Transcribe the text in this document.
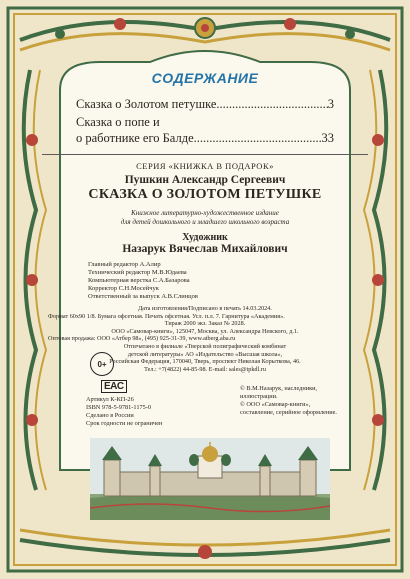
СОДЕРЖАНИЕ
Сказка о Золотом петушке .....	3
Сказка о попе и
о работнике его Балде .....	33
СЕРИЯ «КНИЖКА В ПОДАРОК»
Пушкин Александр Сергеевич
СКАЗКА О ЗОЛОТОМ ПЕТУШКЕ
Книжное литературно-художественное издание
для детей дошкольного и младшего школьного возраста
Художник
Назарук Вячеслав Михайлович
Главный редактор А.Алир
Технический редактор М.В.Юдаева
Компьютерная верстка С.А.Базарова
Корректор С.Н.Мосейчук
Ответственный за выпуск А.В.Слинцов
Дата изготовления/Подписано в печать 14.03.2024.
Формат 60x90 1/8. Бумага офсетная. Печать офсетная. Усл. п.л. 7. Гарнитура «Академия».
Тираж 2000 экз. Заказ № 2028.
ООО «Самовар-книги», 125047, Москва, ул. Александра Невского, д.1.
Оптовая продажа: ООО «Атбер 98», (495) 925-31-39, www.atberg.aba.ru
Отпечатано в филиале «Тверской полиграфический комбинат
детской литературы» АО «Издательство «Высшая школа»,
Российская Федерация, 170040, Тверь, проспект Николая Корыткова, 46.
Тел.: +7(4822) 44-85-98. E-mail: sales@tpkdl.ru
0+
EAC
Артикул К-КП-26
ISBN 978-5-9781-1175-0
Сделано в России
Срок годности не ограничен
© В.М.Назарук, наследники,
иллюстрации.
© ООО «Самовар-книги»,
составление, серийное оформление.
